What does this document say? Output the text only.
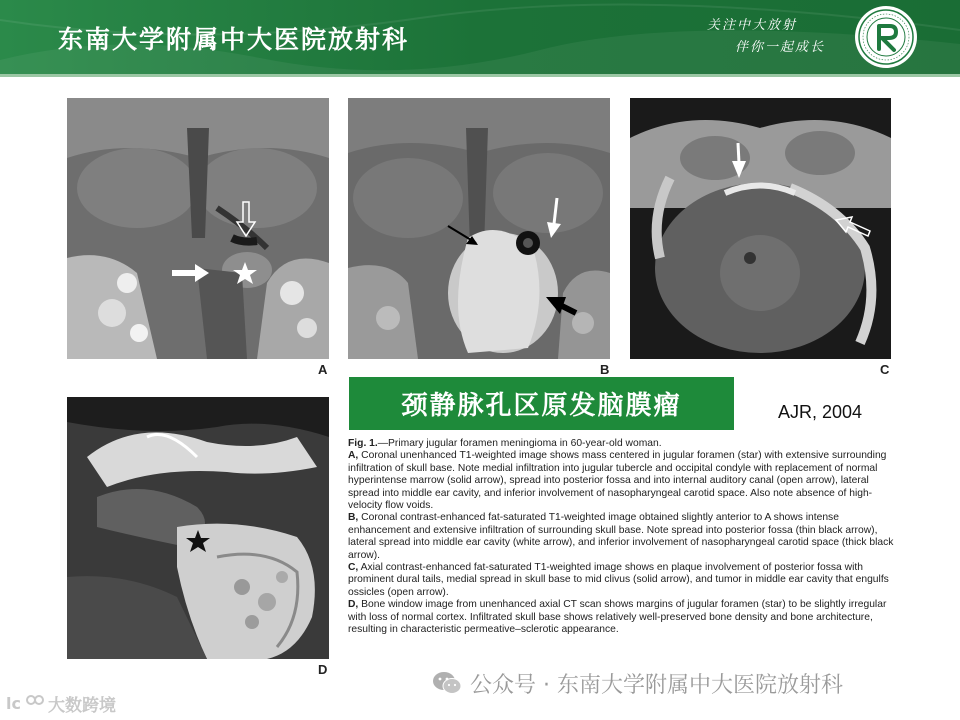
东南大学附属中大医院放射科	关注中大放射
伴你一起成长
A	B	C
D
颈静脉孔区原发脑膜瘤	AJR, 2004

Fig. 1.—Primary jugular foramen meningioma in 60-year-old woman.

A, Coronal unenhanced T1-weighted image shows mass centered in jugular foramen (star) with extensive surrounding infiltration of skull base. Note medial infiltration into jugular tubercle and occipital condyle with replacement of normal hyperintense marrow (solid arrow), spread into posterior fossa and into internal auditory canal (open arrow), lateral spread into middle ear cavity, and inferior involvement of nasopharyngeal carotid space. Also note absence of high-velocity flow voids.

B, Coronal contrast-enhanced fat-saturated T1-weighted image obtained slightly anterior to A shows intense enhancement and extensive infiltration of surrounding skull base. Note spread into posterior fossa (thin black arrow), lateral spread into middle ear cavity (white arrow), and inferior involvement of nasopharyngeal carotid space (thick black arrow).

C, Axial contrast-enhanced fat-saturated T1-weighted image shows en plaque involvement of posterior fossa with prominent dural tails, medial spread in skull base to mid clivus (solid arrow), and tumor in middle ear cavity that engulfs ossicles (open arrow).

D, Bone window image from unenhanced axial CT scan shows margins of jugular foramen (star) to be slightly irregular with loss of normal cortex. Infiltrated skull base shows relatively well-preserved bone density and bone architecture, resulting in characteristic permeative–sclerotic appearance.

公众号 · 东南大学附属中大医院放射科
lc 大数跨境
